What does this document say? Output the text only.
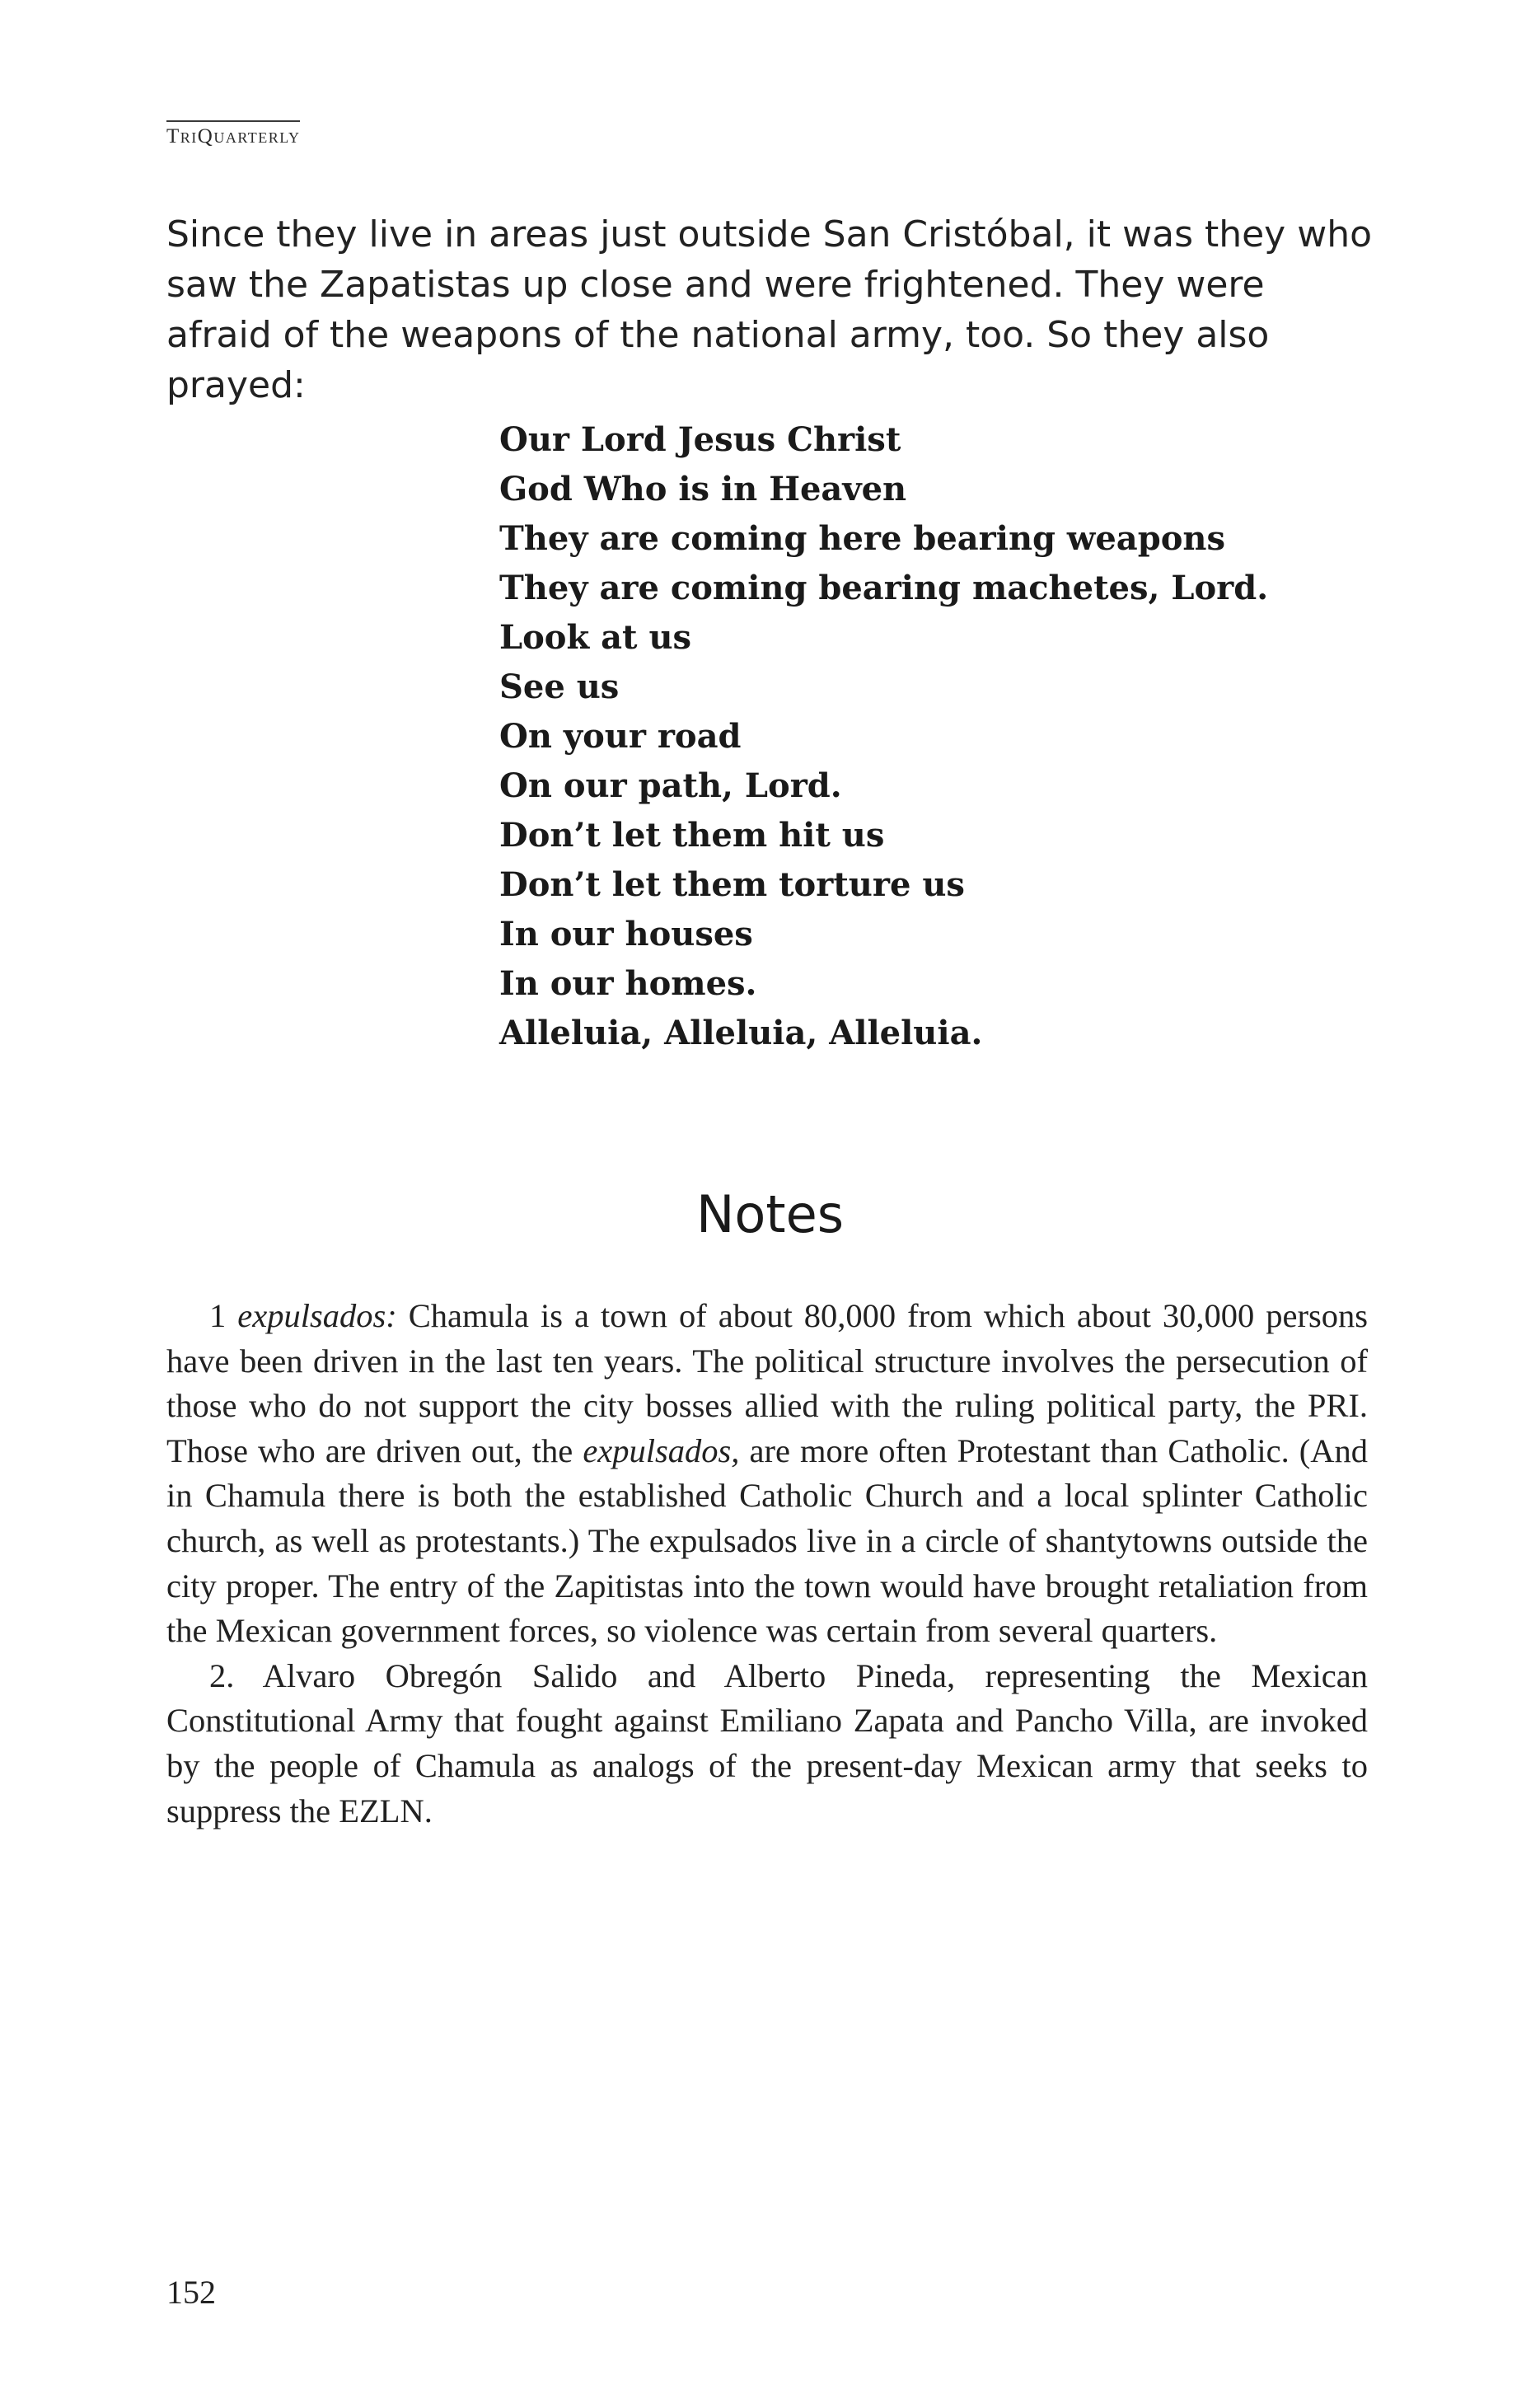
TriQuarterly

Since they live in areas just outside San Cristóbal, it was they who saw the Zapatistas up close and were frightened. They were afraid of the weapons of the national army, too. So they also prayed:

Our Lord Jesus Christ
God Who is in Heaven
They are coming here bearing weapons
They are coming bearing machetes, Lord.
Look at us
See us
On your road
On our path, Lord.
Don’t let them hit us
Don’t let them torture us
In our houses
In our homes.
Alleluia, Alleluia, Alleluia.
Notes

1 expulsados: Chamula is a town of about 80,000 from which about 30,000 persons have been driven in the last ten years. The political structure involves the persecution of those who do not support the city bosses allied with the ruling political party, the PRI. Those who are driven out, the expulsados, are more often Protestant than Catholic. (And in Chamula there is both the established Catholic Church and a local splinter Catholic church, as well as protestants.) The expulsados live in a circle of shantytowns outside the city proper. The entry of the Zapitistas into the town would have brought retaliation from the Mexican government forces, so violence was certain from several quarters.

2. Alvaro Obregón Salido and Alberto Pineda, representing the Mexican Constitutional Army that fought against Emiliano Zapata and Pancho Villa, are invoked by the people of Chamula as analogs of the present-day Mexican army that seeks to suppress the EZLN.

152
